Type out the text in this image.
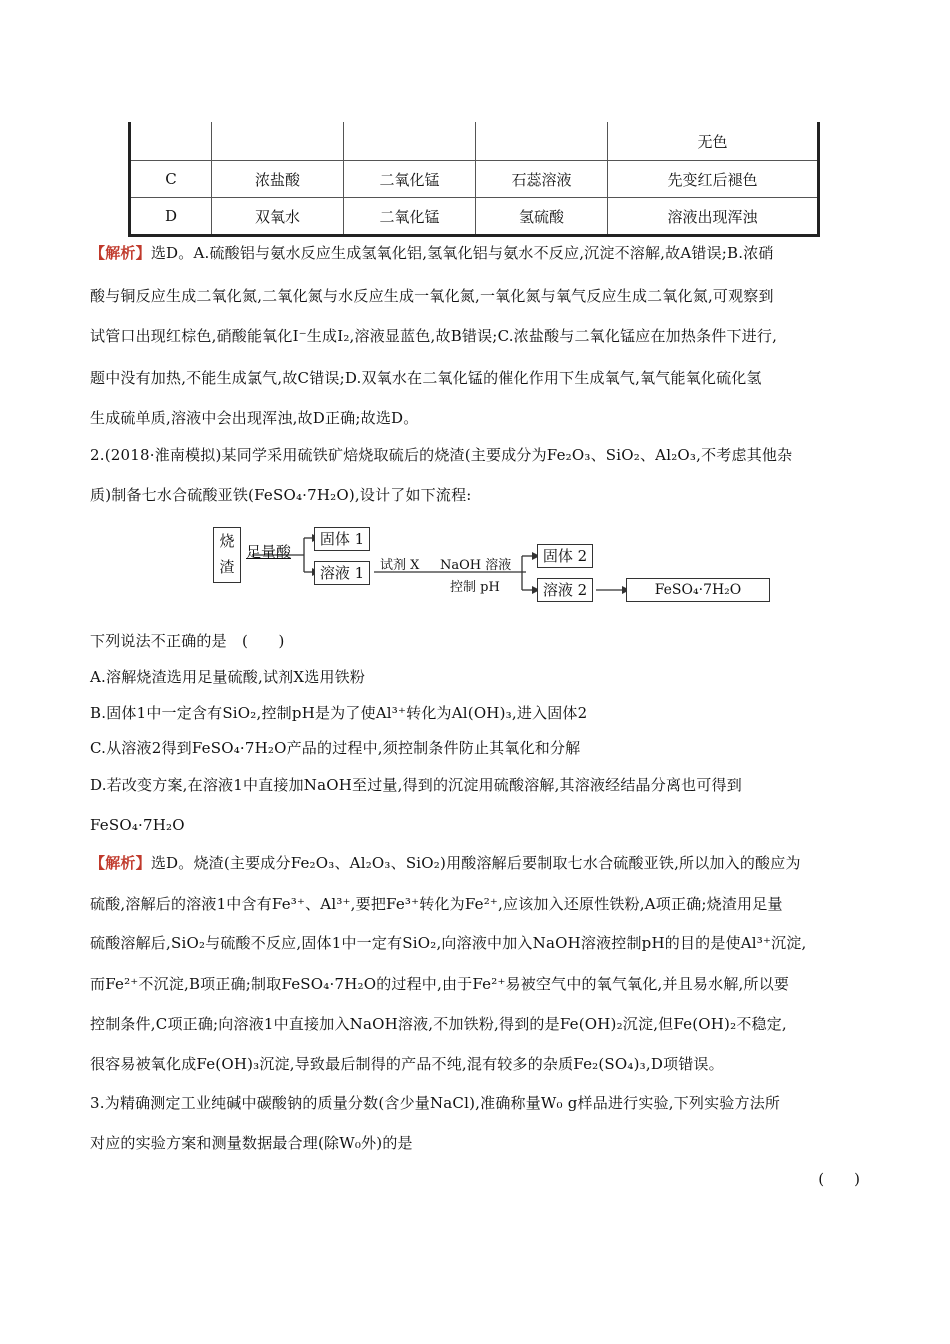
				无色
C	浓盐酸	二氧化锰	石蕊溶液	先变红后褪色
D	双氧水	二氧化锰	氢硫酸	溶液出现浑浊
【解析】选D。A.硫酸铝与氨水反应生成氢氧化铝,氢氧化铝与氨水不反应,沉淀不溶解,故A错误;B.浓硝
酸与铜反应生成二氧化氮,二氧化氮与水反应生成一氧化氮,一氧化氮与氧气反应生成二氧化氮,可观察到
试管口出现红棕色,硝酸能氧化I⁻生成I₂,溶液显蓝色,故B错误;C.浓盐酸与二氧化锰应在加热条件下进行,
题中没有加热,不能生成氯气,故C错误;D.双氧水在二氧化锰的催化作用下生成氧气,氧气能氧化硫化氢
生成硫单质,溶液中会出现浑浊,故D正确;故选D。
2.(2018·淮南模拟)某同学采用硫铁矿焙烧取硫后的烧渣(主要成分为Fe₂O₃、SiO₂、Al₂O₃,不考虑其他杂
质)制备七水合硫酸亚铁(FeSO₄·7H₂O),设计了如下流程:
烧渣
足量酸
固体 1
溶液 1	试剂 X NaOH 溶液
控制 pH
固体 2
溶液 2	FeSO₄·7H₂O
下列说法不正确的是　(　　)
A.溶解烧渣选用足量硫酸,试剂X选用铁粉
B.固体1中一定含有SiO₂,控制pH是为了使Al³⁺转化为Al(OH)₃,进入固体2
C.从溶液2得到FeSO₄·7H₂O产品的过程中,须控制条件防止其氧化和分解
D.若改变方案,在溶液1中直接加NaOH至过量,得到的沉淀用硫酸溶解,其溶液经结晶分离也可得到
FeSO₄·7H₂O
【解析】选D。烧渣(主要成分Fe₂O₃、Al₂O₃、SiO₂)用酸溶解后要制取七水合硫酸亚铁,所以加入的酸应为
硫酸,溶解后的溶液1中含有Fe³⁺、Al³⁺,要把Fe³⁺转化为Fe²⁺,应该加入还原性铁粉,A项正确;烧渣用足量
硫酸溶解后,SiO₂与硫酸不反应,固体1中一定有SiO₂,向溶液中加入NaOH溶液控制pH的目的是使Al³⁺沉淀,
而Fe²⁺不沉淀,B项正确;制取FeSO₄·7H₂O的过程中,由于Fe²⁺易被空气中的氧气氧化,并且易水解,所以要
控制条件,C项正确;向溶液1中直接加入NaOH溶液,不加铁粉,得到的是Fe(OH)₂沉淀,但Fe(OH)₂不稳定,
很容易被氧化成Fe(OH)₃沉淀,导致最后制得的产品不纯,混有较多的杂质Fe₂(SO₄)₃,D项错误。
3.为精确测定工业纯碱中碳酸钠的质量分数(含少量NaCl),准确称量W₀ g样品进行实验,下列实验方法所
对应的实验方案和测量数据最合理(除W₀外)的是
(　　)
